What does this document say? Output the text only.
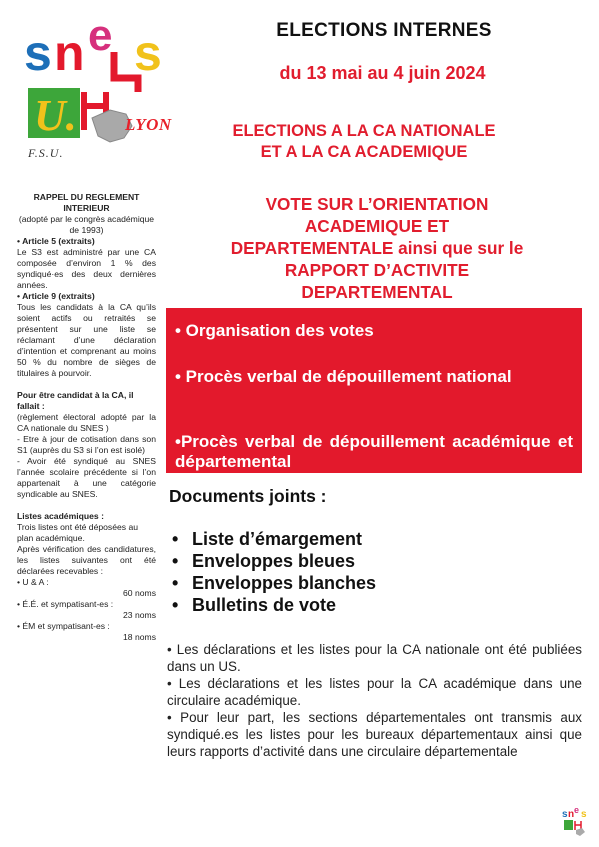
s n e s
U.	LYON
F.S.U.
ELECTIONS INTERNES
du 13 mai au 4 juin 2024
ELECTIONS A LA CA NATIONALE
ET A LA CA ACADEMIQUE
RAPPEL DU REGLEMENT
INTERIEUR
(adopté par le congrès académique de 1993)
• Article 5 (extraits)
Le S3 est administré par une CA composée d’environ 1 % des syndiqué·es des deux dernières années.
• Article 9 (extraits)
Tous les candidats à la CA qu’ils soient actifs ou retraités se présentent sur une liste se réclamant d’une déclaration d’intention et comprenant au moins 50 % du nombre de sièges de titulaires à pourvoir.
Pour être candidat à la CA, il fallait :
(règlement électoral adopté par la CA nationale du SNES )
- Etre à jour de cotisation dans son S1 (auprès du S3 si l’on est isolé)
- Avoir été syndiqué au SNES l’année scolaire précédente si l’on appartenait à une catégorie syndicable au SNES.
Listes académiques :
Trois listes ont été déposées au plan académique.
Après vérification des candidatures, les listes suivantes ont été déclarées recevables :
• U & A :
60 noms
• É.É. et sympatisant-es :
23 noms
• ÉM et sympatisant-es :
18 noms
VOTE SUR L’ORIENTATION
ACADEMIQUE ET
DEPARTEMENTALE ainsi que sur le
RAPPORT D’ACTIVITE
DEPARTEMENTAL
• Organisation des votes
• Procès verbal de dépouillement national
•Procès verbal de dépouillement académique et départemental
Documents joints :
• Liste d’émargement
• Enveloppes bleues
• Enveloppes blanches
• Bulletins de vote

• Les déclarations et les listes pour la CA nationale ont été publiées dans un US.

• Les déclarations et les listes pour la CA académique dans une circulaire académique.

• Pour leur part, les sections départementales ont transmis aux syndiqué.es les listes pour les bureaux départementaux ainsi que leurs rapports d’activité dans une circulaire départementale

s n e s
